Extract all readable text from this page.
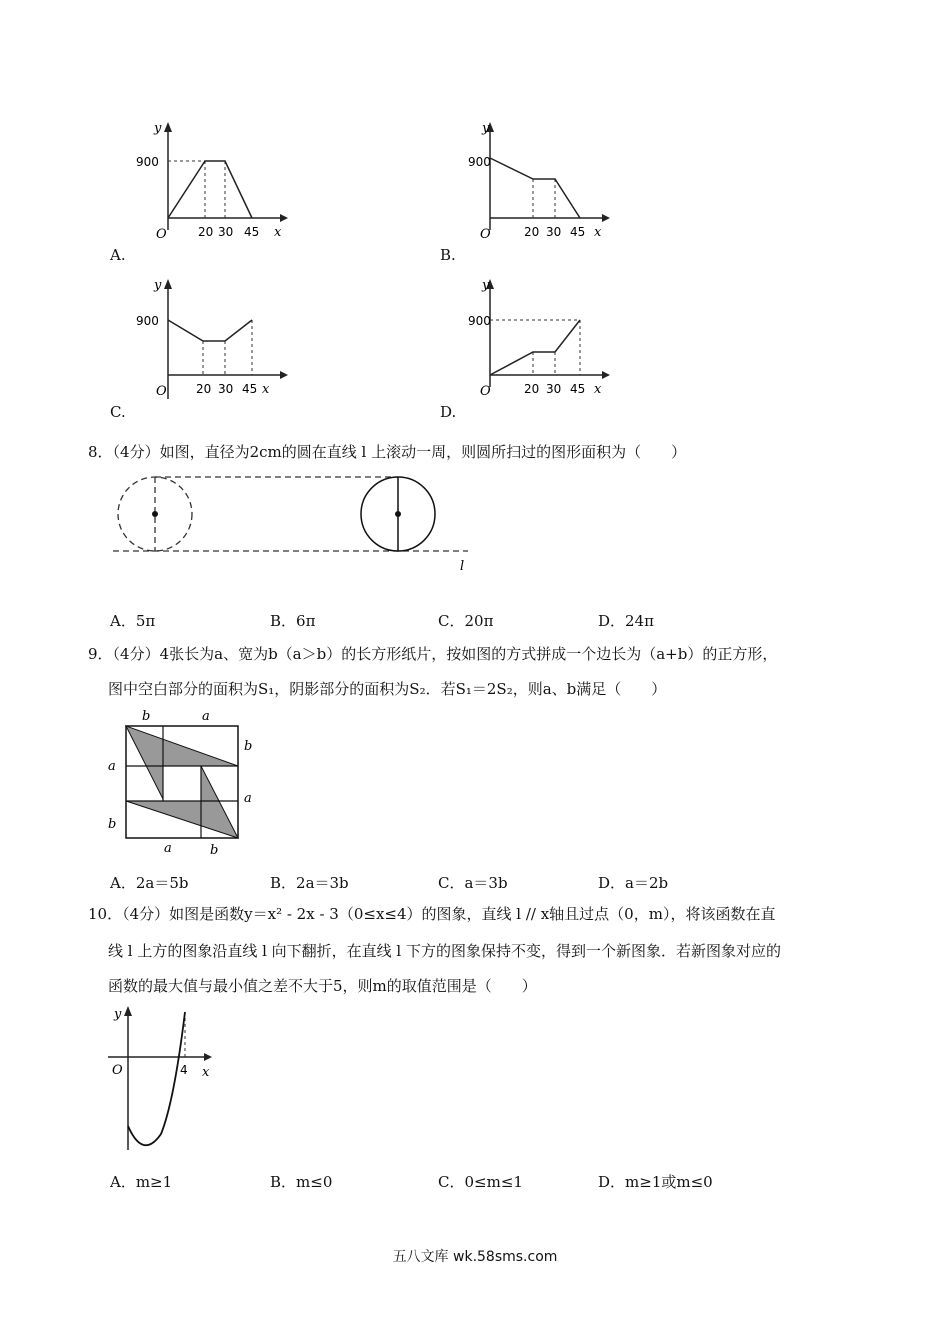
y
x
O
900
20 30 45
A.
y
x
O
900
20 30 45
B.
y
x
O
900
20 30 45
C.
y
x
O
900
20 30 45
D.
8．（4分）如图，直径为2cm的圆在直线 l 上滚动一周，则圆所扫过的图形面积为（　　）
l
A．5π	B．6π	C．20π	D．24π
9．（4分）4张长为a、宽为b（a＞b）的长方形纸片，按如图的方式拼成一个边长为（a+b）的正方形，
图中空白部分的面积为S₁，阴影部分的面积为S₂．若S₁＝2S₂，则a、b满足（　　）
b	a
b
a
a
b
a	b
A．2a＝5b	B．2a＝3b	C．a＝3b	D．a＝2b
10．（4分）如图是函数y＝x² - 2x - 3（0≤x≤4）的图象，直线 l // x轴且过点（0，m），将该函数在直
线 l 上方的图象沿直线 l 向下翻折，在直线 l 下方的图象保持不变，得到一个新图象．若新图象对应的
函数的最大值与最小值之差不大于5，则m的取值范围是（　　）
y
x
O	4
A．m≥1	B．m≤0	C．0≤m≤1	D．m≥1或m≤0
五八文库 wk.58sms.com
